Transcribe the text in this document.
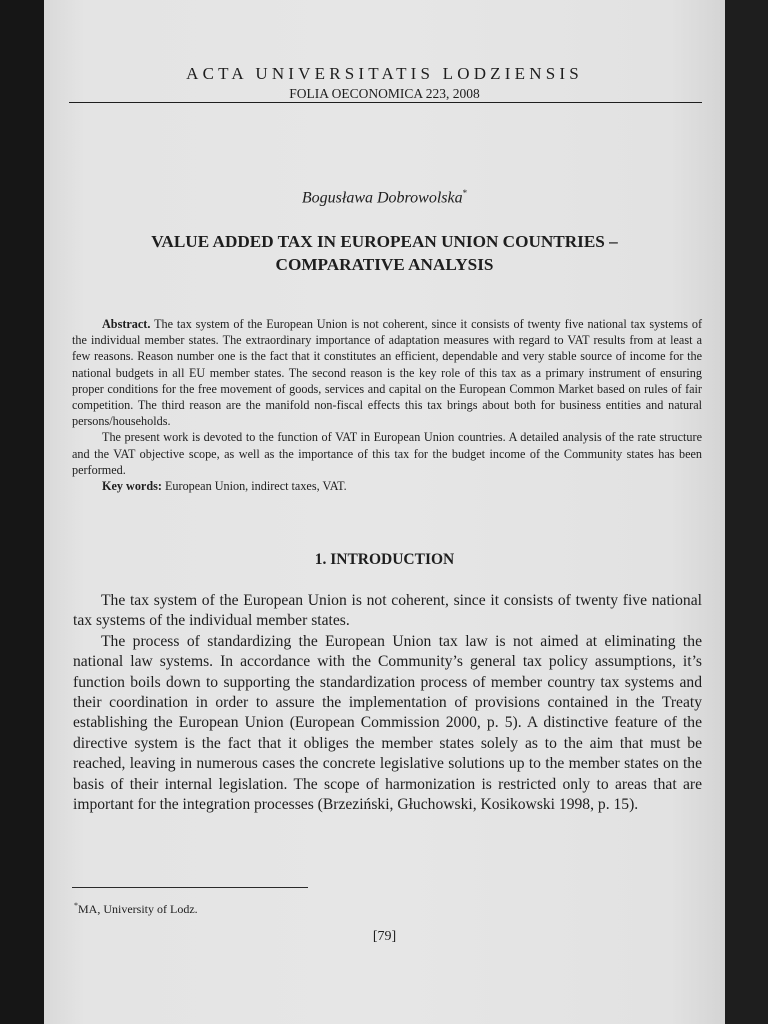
ACTA UNIVERSITATIS LODZIENSIS
FOLIA OECONOMICA 223, 2008
Bogusława Dobrowolska*
VALUE ADDED TAX IN EUROPEAN UNION COUNTRIES –
COMPARATIVE ANALYSIS

Abstract. The tax system of the European Union is not coherent, since it consists of twenty five national tax systems of the individual member states. The extraordinary importance of adaptation measures with regard to VAT results from at least a few reasons. Reason number one is the fact that it constitutes an efficient, dependable and very stable source of income for the national budgets in all EU member states. The second reason is the key role of this tax as a primary instrument of ensuring proper conditions for the free movement of goods, services and capital on the European Common Market based on rules of fair competition. The third reason are the manifold non-fiscal effects this tax brings about both for business entities and natural persons/households.

The present work is devoted to the function of VAT in European Union countries. A detailed analysis of the rate structure and the VAT objective scope, as well as the importance of this tax for the budget income of the Community states has been performed.

Key words: European Union, indirect taxes, VAT.

1. INTRODUCTION

The tax system of the European Union is not coherent, since it consists of twenty five national tax systems of the individual member states.

The process of standardizing the European Union tax law is not aimed at eliminating the national law systems. In accordance with the Community’s general tax policy assumptions, it’s function boils down to supporting the standardization process of member country tax systems and their coordination in order to assure the implementation of provisions contained in the Treaty establishing the European Union (European Commission 2000, p. 5). A distinctive feature of the directive system is the fact that it obliges the member states solely as to the aim that must be reached, leaving in numerous cases the concrete legislative solutions up to the member states on the basis of their internal legislation. The scope of harmonization is restricted only to areas that are important for the integration processes (Brzeziński, Głuchowski, Kosikowski 1998, p. 15).

*MA, University of Lodz.
[79]
